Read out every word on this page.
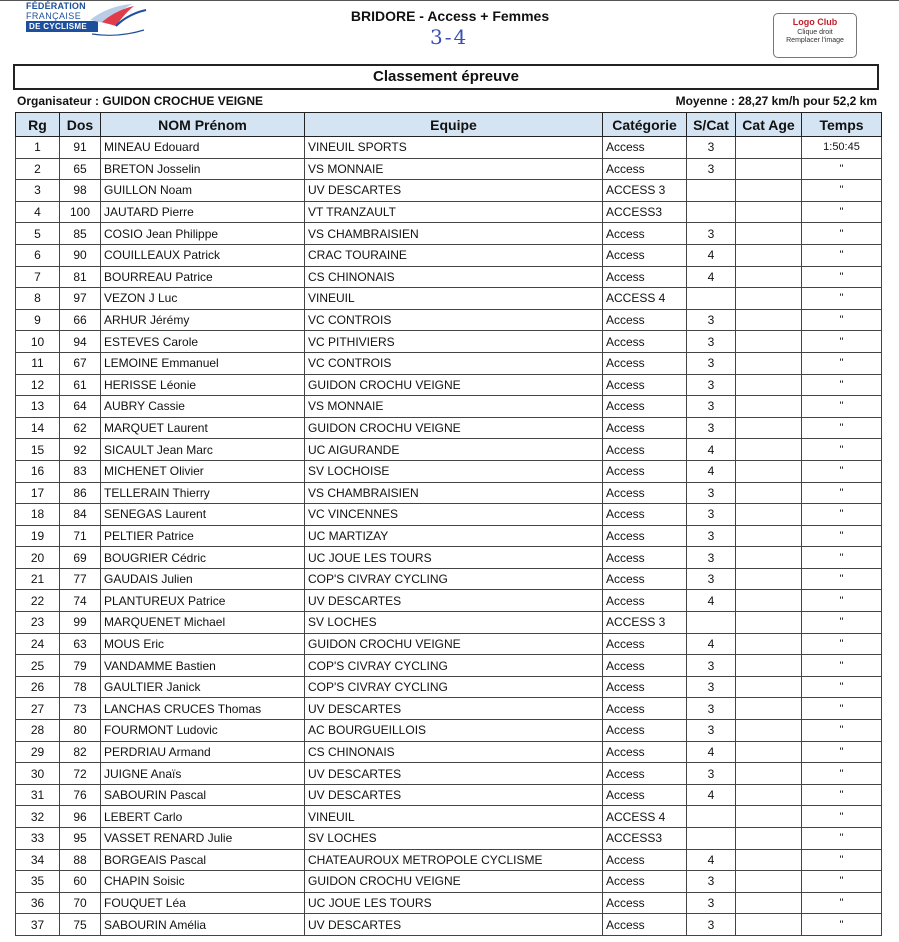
FÉDÉRATION
FRANÇAISE
DE CYCLISME
BRIDORE - Access + Femmes
3-4
Logo Club
Clique droit
Remplacer l'image
Classement épreuve
Organisateur : GUIDON CROCHUE VEIGNE	Moyenne : 28,27 km/h pour 52,2 km
Rg	Dos	NOM Prénom	Equipe	Catégorie	S/Cat	Cat Age	Temps
1	91	MINEAU Edouard	VINEUIL SPORTS	Access	3		1:50:45
2	65	BRETON Josselin	VS MONNAIE	Access	3		"
3	98	GUILLON Noam	UV DESCARTES	ACCESS 3			"
4	100	JAUTARD Pierre	VT TRANZAULT	ACCESS3			"
5	85	COSIO Jean Philippe	VS CHAMBRAISIEN	Access	3		"
6	90	COUILLEAUX Patrick	CRAC TOURAINE	Access	4		"
7	81	BOURREAU Patrice	CS CHINONAIS	Access	4		"
8	97	VEZON J Luc	VINEUIL	ACCESS 4			"
9	66	ARHUR Jérémy	VC CONTROIS	Access	3		"
10	94	ESTEVES Carole	VC PITHIVIERS	Access	3		"
11	67	LEMOINE Emmanuel	VC CONTROIS	Access	3		"
12	61	HERISSE Léonie	GUIDON CROCHU VEIGNE	Access	3		"
13	64	AUBRY Cassie	VS MONNAIE	Access	3		"
14	62	MARQUET Laurent	GUIDON CROCHU VEIGNE	Access	3		"
15	92	SICAULT Jean Marc	UC AIGURANDE	Access	4		"
16	83	MICHENET Olivier	SV LOCHOISE	Access	4		"
17	86	TELLERAIN Thierry	VS CHAMBRAISIEN	Access	3		"
18	84	SENEGAS Laurent	VC VINCENNES	Access	3		"
19	71	PELTIER Patrice	UC MARTIZAY	Access	3		"
20	69	BOUGRIER Cédric	UC JOUE LES TOURS	Access	3		"
21	77	GAUDAIS Julien	COP'S CIVRAY CYCLING	Access	3		"
22	74	PLANTUREUX Patrice	UV DESCARTES	Access	4		"
23	99	MARQUENET Michael	SV LOCHES	ACCESS 3			"
24	63	MOUS Eric	GUIDON CROCHU VEIGNE	Access	4		"
25	79	VANDAMME Bastien	COP'S CIVRAY CYCLING	Access	3		"
26	78	GAULTIER Janick	COP'S CIVRAY CYCLING	Access	3		"
27	73	LANCHAS CRUCES Thomas	UV DESCARTES	Access	3		"
28	80	FOURMONT Ludovic	AC BOURGUEILLOIS	Access	3		"
29	82	PERDRIAU Armand	CS CHINONAIS	Access	4		"
30	72	JUIGNE Anaïs	UV DESCARTES	Access	3		"
31	76	SABOURIN Pascal	UV DESCARTES	Access	4		"
32	96	LEBERT Carlo	VINEUIL	ACCESS 4			"
33	95	VASSET RENARD Julie	SV LOCHES	ACCESS3			"
34	88	BORGEAIS Pascal	CHATEAUROUX METROPOLE CYCLISME	Access	4		"
35	60	CHAPIN Soisic	GUIDON CROCHU VEIGNE	Access	3		"
36	70	FOUQUET Léa	UC JOUE LES TOURS	Access	3		"
37	75	SABOURIN Amélia	UV DESCARTES	Access	3		"
